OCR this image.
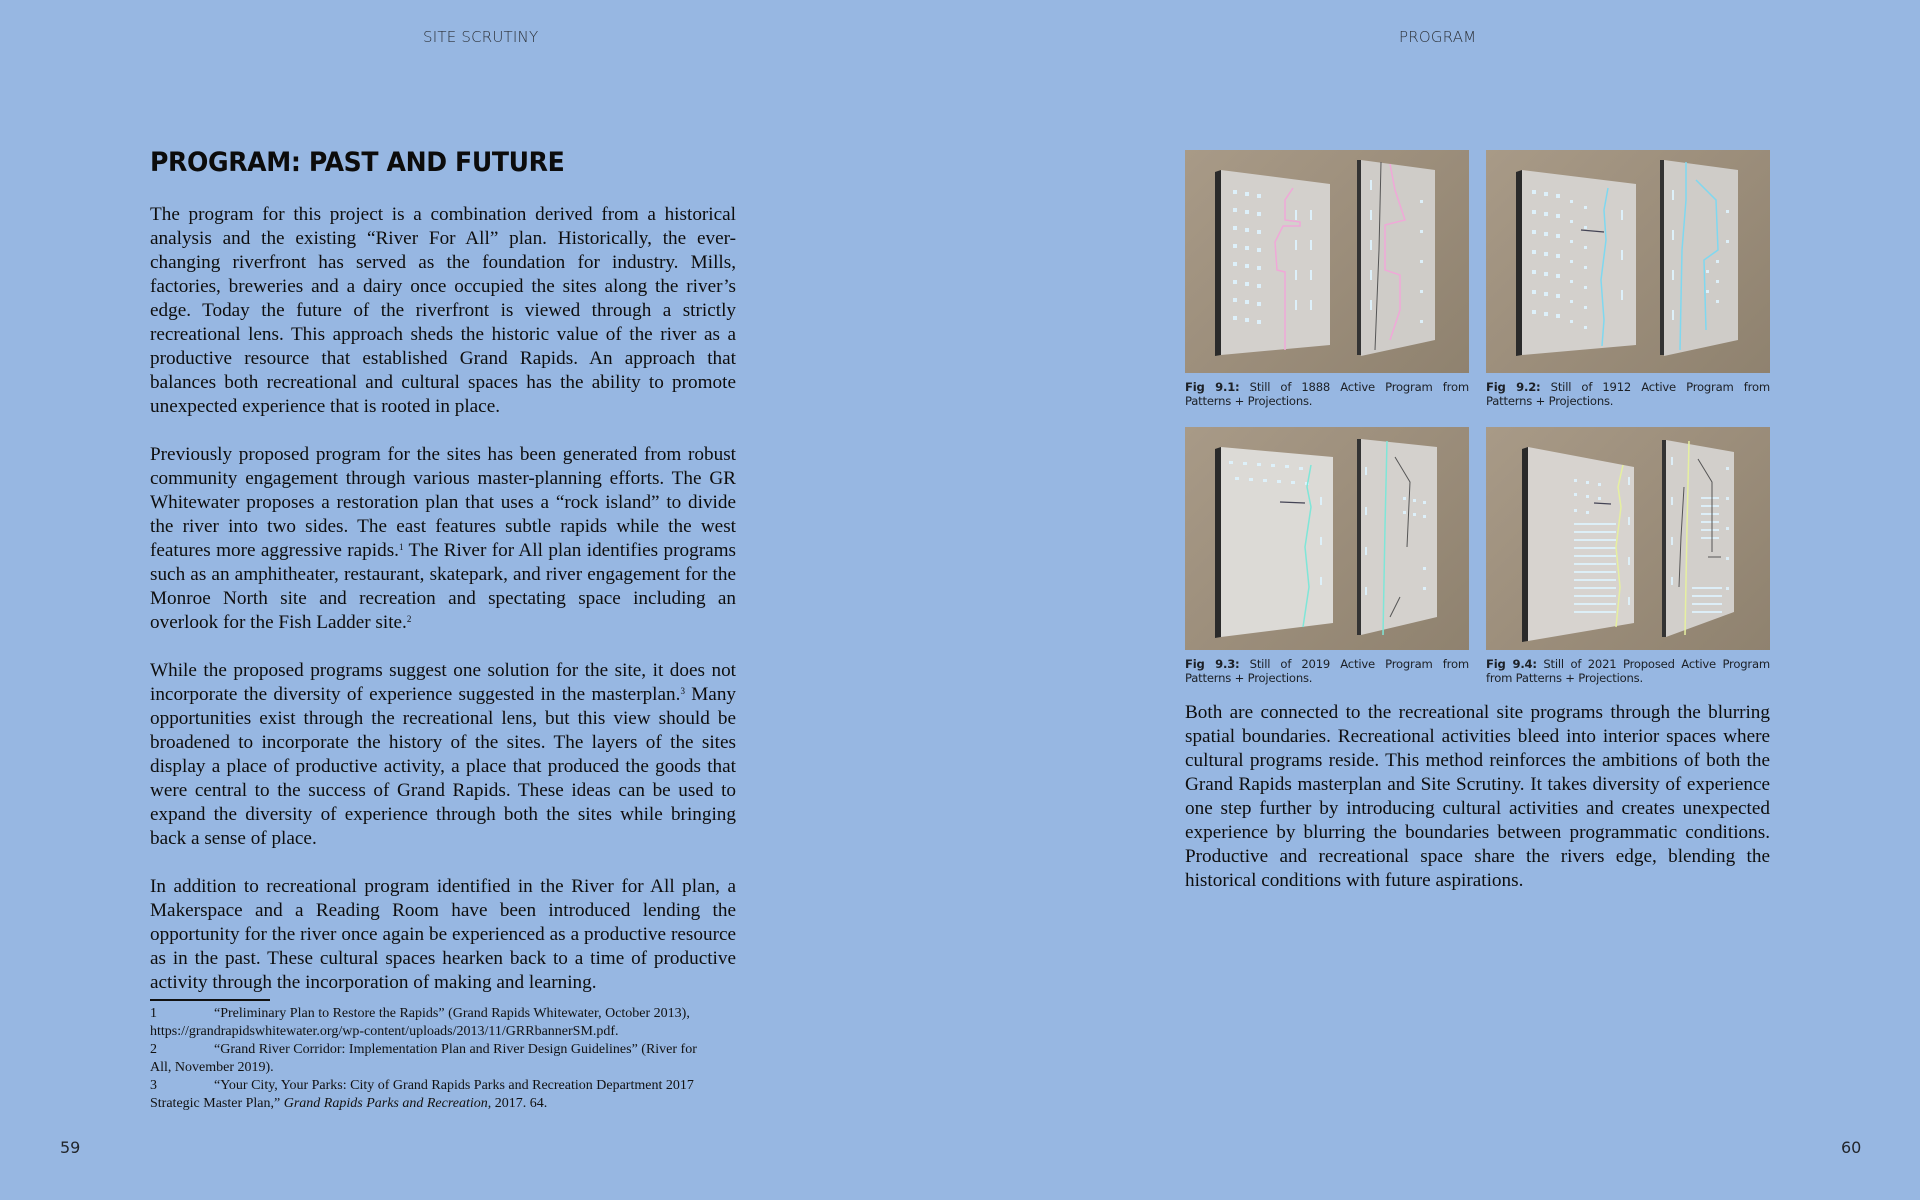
SITE SCRUTINY	PROGRAM
PROGRAM: PAST AND FUTURE

The program for this project is a combination derived from a historical analysis and the existing “River For All” plan. Historically, the ever-changing riverfront has served as the foundation for industry. Mills, factories, breweries and a dairy once occupied the sites along the river’s edge. Today the future of the riverfront is viewed through a strictly recreational lens. This approach sheds the historic value of the river as a productive resource that established Grand Rapids. An approach that balances both recreational and cultural spaces has the ability to promote unexpected experience that is rooted in place.

Previously proposed program for the sites has been generated from robust community engagement through various master-planning efforts. The GR Whitewater proposes a restoration plan that uses a “rock island” to divide the river into two sides. The east features subtle rapids while the west features more aggressive rapids.$^1$ The River for All plan identifies programs such as an amphitheater, restaurant, skatepark, and river engagement for the Monroe North site and recreation and spectating space including an overlook for the Fish Ladder site.$^2$

While the proposed programs suggest one solution for the site, it does not incorporate the diversity of experience suggested in the masterplan.$^3$ Many opportunities exist through the recreational lens, but this view should be broadened to incorporate the history of the sites. The layers of the sites display a place of productive activity, a place that produced the goods that were central to the success of Grand Rapids. These ideas can be used to expand the diversity of experience through both the sites while bringing back a sense of place.

In addition to recreational program identified in the River for All plan, a Makerspace and a Reading Room have been introduced lending the opportunity for the river once again be experienced as a productive resource as in the past. These cultural spaces hearken back to a time of productive activity through the incorporation of making and learning.

1	“Preliminary Plan to Restore the Rapids” (Grand Rapids Whitewater, October 2013),
https://grandrapidswhitewater.org/wp-content/uploads/2013/11/GRRbannerSM.pdf.
2	“Grand River Corridor: Implementation Plan and River Design Guidelines” (River for
All, November 2019).
3	“Your City, Your Parks: City of Grand Rapids Parks and Recreation Department 2017
Strategic Master Plan,” Grand Rapids Parks and Recreation, 2017. 64.
Fig 9.1: Still of 1888 Active Program from Patterns + Projections.
Fig 9.2: Still of 1912 Active Program from Patterns + Projections.
Fig 9.3: Still of 2019 Active Program from Patterns + Projections.
Fig 9.4: Still of 2021 Proposed Active Program from Patterns + Projections.

Both are connected to the recreational site programs through the blurring spatial boundaries. Recreational activities bleed into interior spaces where cultural programs reside. This method reinforces the ambitions of both the Grand Rapids masterplan and Site Scrutiny. It takes diversity of experience one step further by introducing cultural activities and creates unexpected experience by blurring the boundaries between programmatic conditions. Productive and recreational space share the rivers edge, blending the historical conditions with future aspirations.

59	60
